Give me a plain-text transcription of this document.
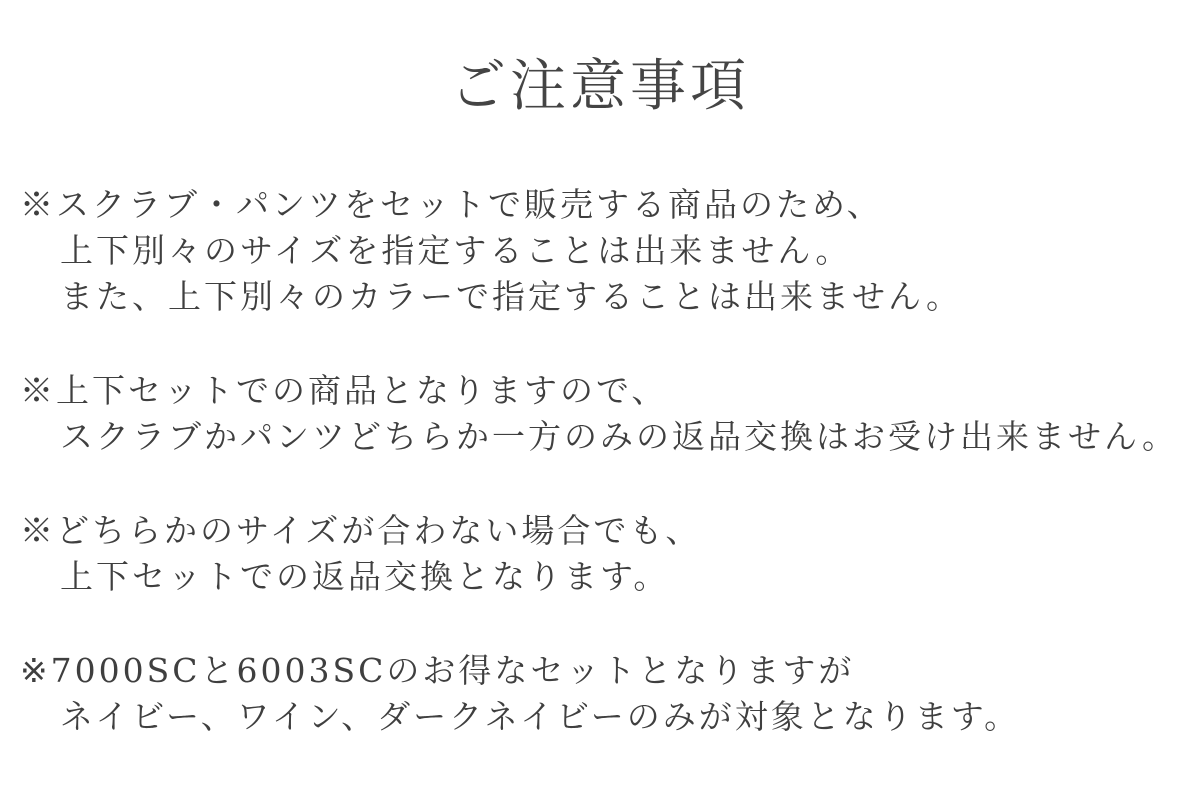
ご注意事項
※スクラブ・パンツをセットで販売する商品のため、
上下別々のサイズを指定することは出来ません。
また、上下別々のカラーで指定することは出来ません。
※上下セットでの商品となりますので、
スクラブかパンツどちらか一方のみの返品交換はお受け出来ません。
※どちらかのサイズが合わない場合でも、
上下セットでの返品交換となります。
※7000SCと6003SCのお得なセットとなりますが
ネイビー、ワイン、ダークネイビーのみが対象となります。
